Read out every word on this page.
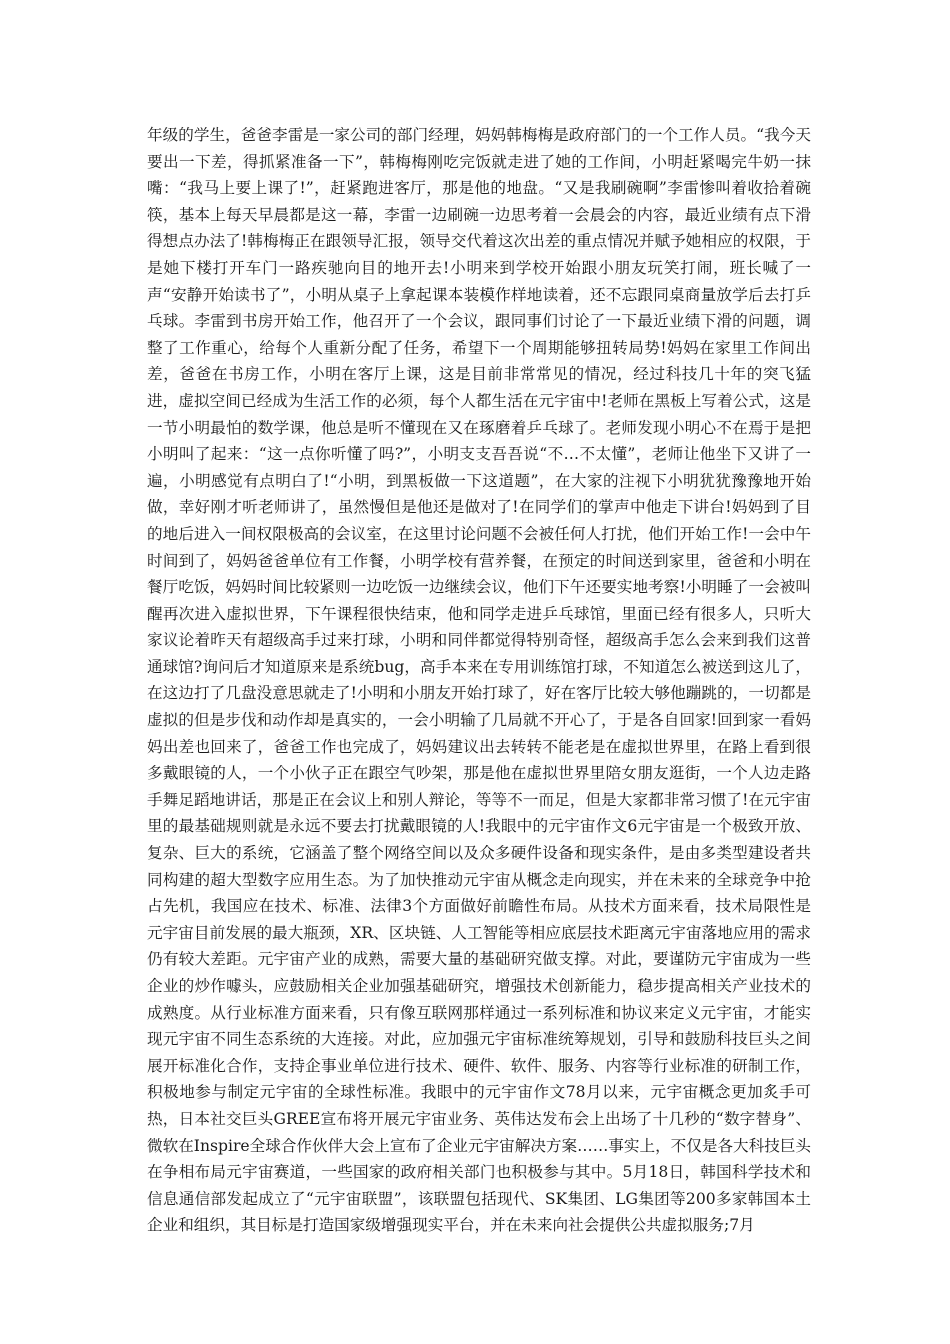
年级的学生，爸爸李雷是一家公司的部门经理，妈妈韩梅梅是政府部门的一个工作人员。“我今天要出一下差，得抓紧准备一下”，韩梅梅刚吃完饭就走进了她的工作间，小明赶紧喝完牛奶一抹嘴：“我马上要上课了!”，赶紧跑进客厅，那是他的地盘。“又是我刷碗啊”李雷惨叫着收拾着碗筷，基本上每天早晨都是这一幕，李雷一边刷碗一边思考着一会晨会的内容，最近业绩有点下滑得想点办法了!韩梅梅正在跟领导汇报，领导交代着这次出差的重点情况并赋予她相应的权限，于是她下楼打开车门一路疾驰向目的地开去!小明来到学校开始跟小朋友玩笑打闹，班长喊了一声“安静开始读书了”，小明从桌子上拿起课本装模作样地读着，还不忘跟同桌商量放学后去打乒乓球。李雷到书房开始工作，他召开了一个会议，跟同事们讨论了一下最近业绩下滑的问题，调整了工作重心，给每个人重新分配了任务，希望下一个周期能够扭转局势!妈妈在家里工作间出差，爸爸在书房工作，小明在客厅上课，这是目前非常常见的情况，经过科技几十年的突飞猛进，虚拟空间已经成为生活工作的必须，每个人都生活在元宇宙中!老师在黑板上写着公式，这是一节小明最怕的数学课，他总是听不懂现在又在琢磨着乒乓球了。老师发现小明心不在焉于是把小明叫了起来：“这一点你听懂了吗?”，小明支支吾吾说“不…不太懂”，老师让他坐下又讲了一遍，小明感觉有点明白了!“小明，到黑板做一下这道题”，在大家的注视下小明犹犹豫豫地开始做，幸好刚才听老师讲了，虽然慢但是他还是做对了!在同学们的掌声中他走下讲台!妈妈到了目的地后进入一间权限极高的会议室，在这里讨论问题不会被任何人打扰，他们开始工作!一会中午时间到了，妈妈爸爸单位有工作餐，小明学校有营养餐，在预定的时间送到家里，爸爸和小明在餐厅吃饭，妈妈时间比较紧则一边吃饭一边继续会议，他们下午还要实地考察!小明睡了一会被叫醒再次进入虚拟世界，下午课程很快结束，他和同学走进乒乓球馆，里面已经有很多人，只听大家议论着昨天有超级高手过来打球，小明和同伴都觉得特别奇怪，超级高手怎么会来到我们这普通球馆?询问后才知道原来是系统bug，高手本来在专用训练馆打球，不知道怎么被送到这儿了，在这边打了几盘没意思就走了!小明和小朋友开始打球了，好在客厅比较大够他蹦跳的，一切都是虚拟的但是步伐和动作却是真实的，一会小明输了几局就不开心了，于是各自回家!回到家一看妈妈出差也回来了，爸爸工作也完成了，妈妈建议出去转转不能老是在虚拟世界里，在路上看到很多戴眼镜的人，一个小伙子正在跟空气吵架，那是他在虚拟世界里陪女朋友逛街，一个人边走路手舞足蹈地讲话，那是正在会议上和别人辩论，等等不一而足，但是大家都非常习惯了!在元宇宙里的最基础规则就是永远不要去打扰戴眼镜的人!我眼中的元宇宙作文6元宇宙是一个极致开放、复杂、巨大的系统，它涵盖了整个网络空间以及众多硬件设备和现实条件，是由多类型建设者共同构建的超大型数字应用生态。为了加快推动元宇宙从概念走向现实，并在未来的全球竞争中抢占先机，我国应在技术、标准、法律3个方面做好前瞻性布局。从技术方面来看，技术局限性是元宇宙目前发展的最大瓶颈，XR、区块链、人工智能等相应底层技术距离元宇宙落地应用的需求仍有较大差距。元宇宙产业的成熟，需要大量的基础研究做支撑。对此，要谨防元宇宙成为一些企业的炒作噱头，应鼓励相关企业加强基础研究，增强技术创新能力，稳步提高相关产业技术的成熟度。从行业标准方面来看，只有像互联网那样通过一系列标准和协议来定义元宇宙，才能实现元宇宙不同生态系统的大连接。对此，应加强元宇宙标准统筹规划，引导和鼓励科技巨头之间展开标准化合作，支持企事业单位进行技术、硬件、软件、服务、内容等行业标准的研制工作，积极地参与制定元宇宙的全球性标准。我眼中的元宇宙作文78月以来，元宇宙概念更加炙手可热，日本社交巨头GREE宣布将开展元宇宙业务、英伟达发布会上出场了十几秒的“数字替身”、微软在Inspire全球合作伙伴大会上宣布了企业元宇宙解决方案……事实上，不仅是各大科技巨头在争相布局元宇宙赛道，一些国家的政府相关部门也积极参与其中。5月18日，韩国科学技术和信息通信部发起成立了“元宇宙联盟”，该联盟包括现代、SK集团、LG集团等200多家韩国本土企业和组织，其目标是打造国家级增强现实平台，并在未来向社会提供公共虚拟服务;7月
